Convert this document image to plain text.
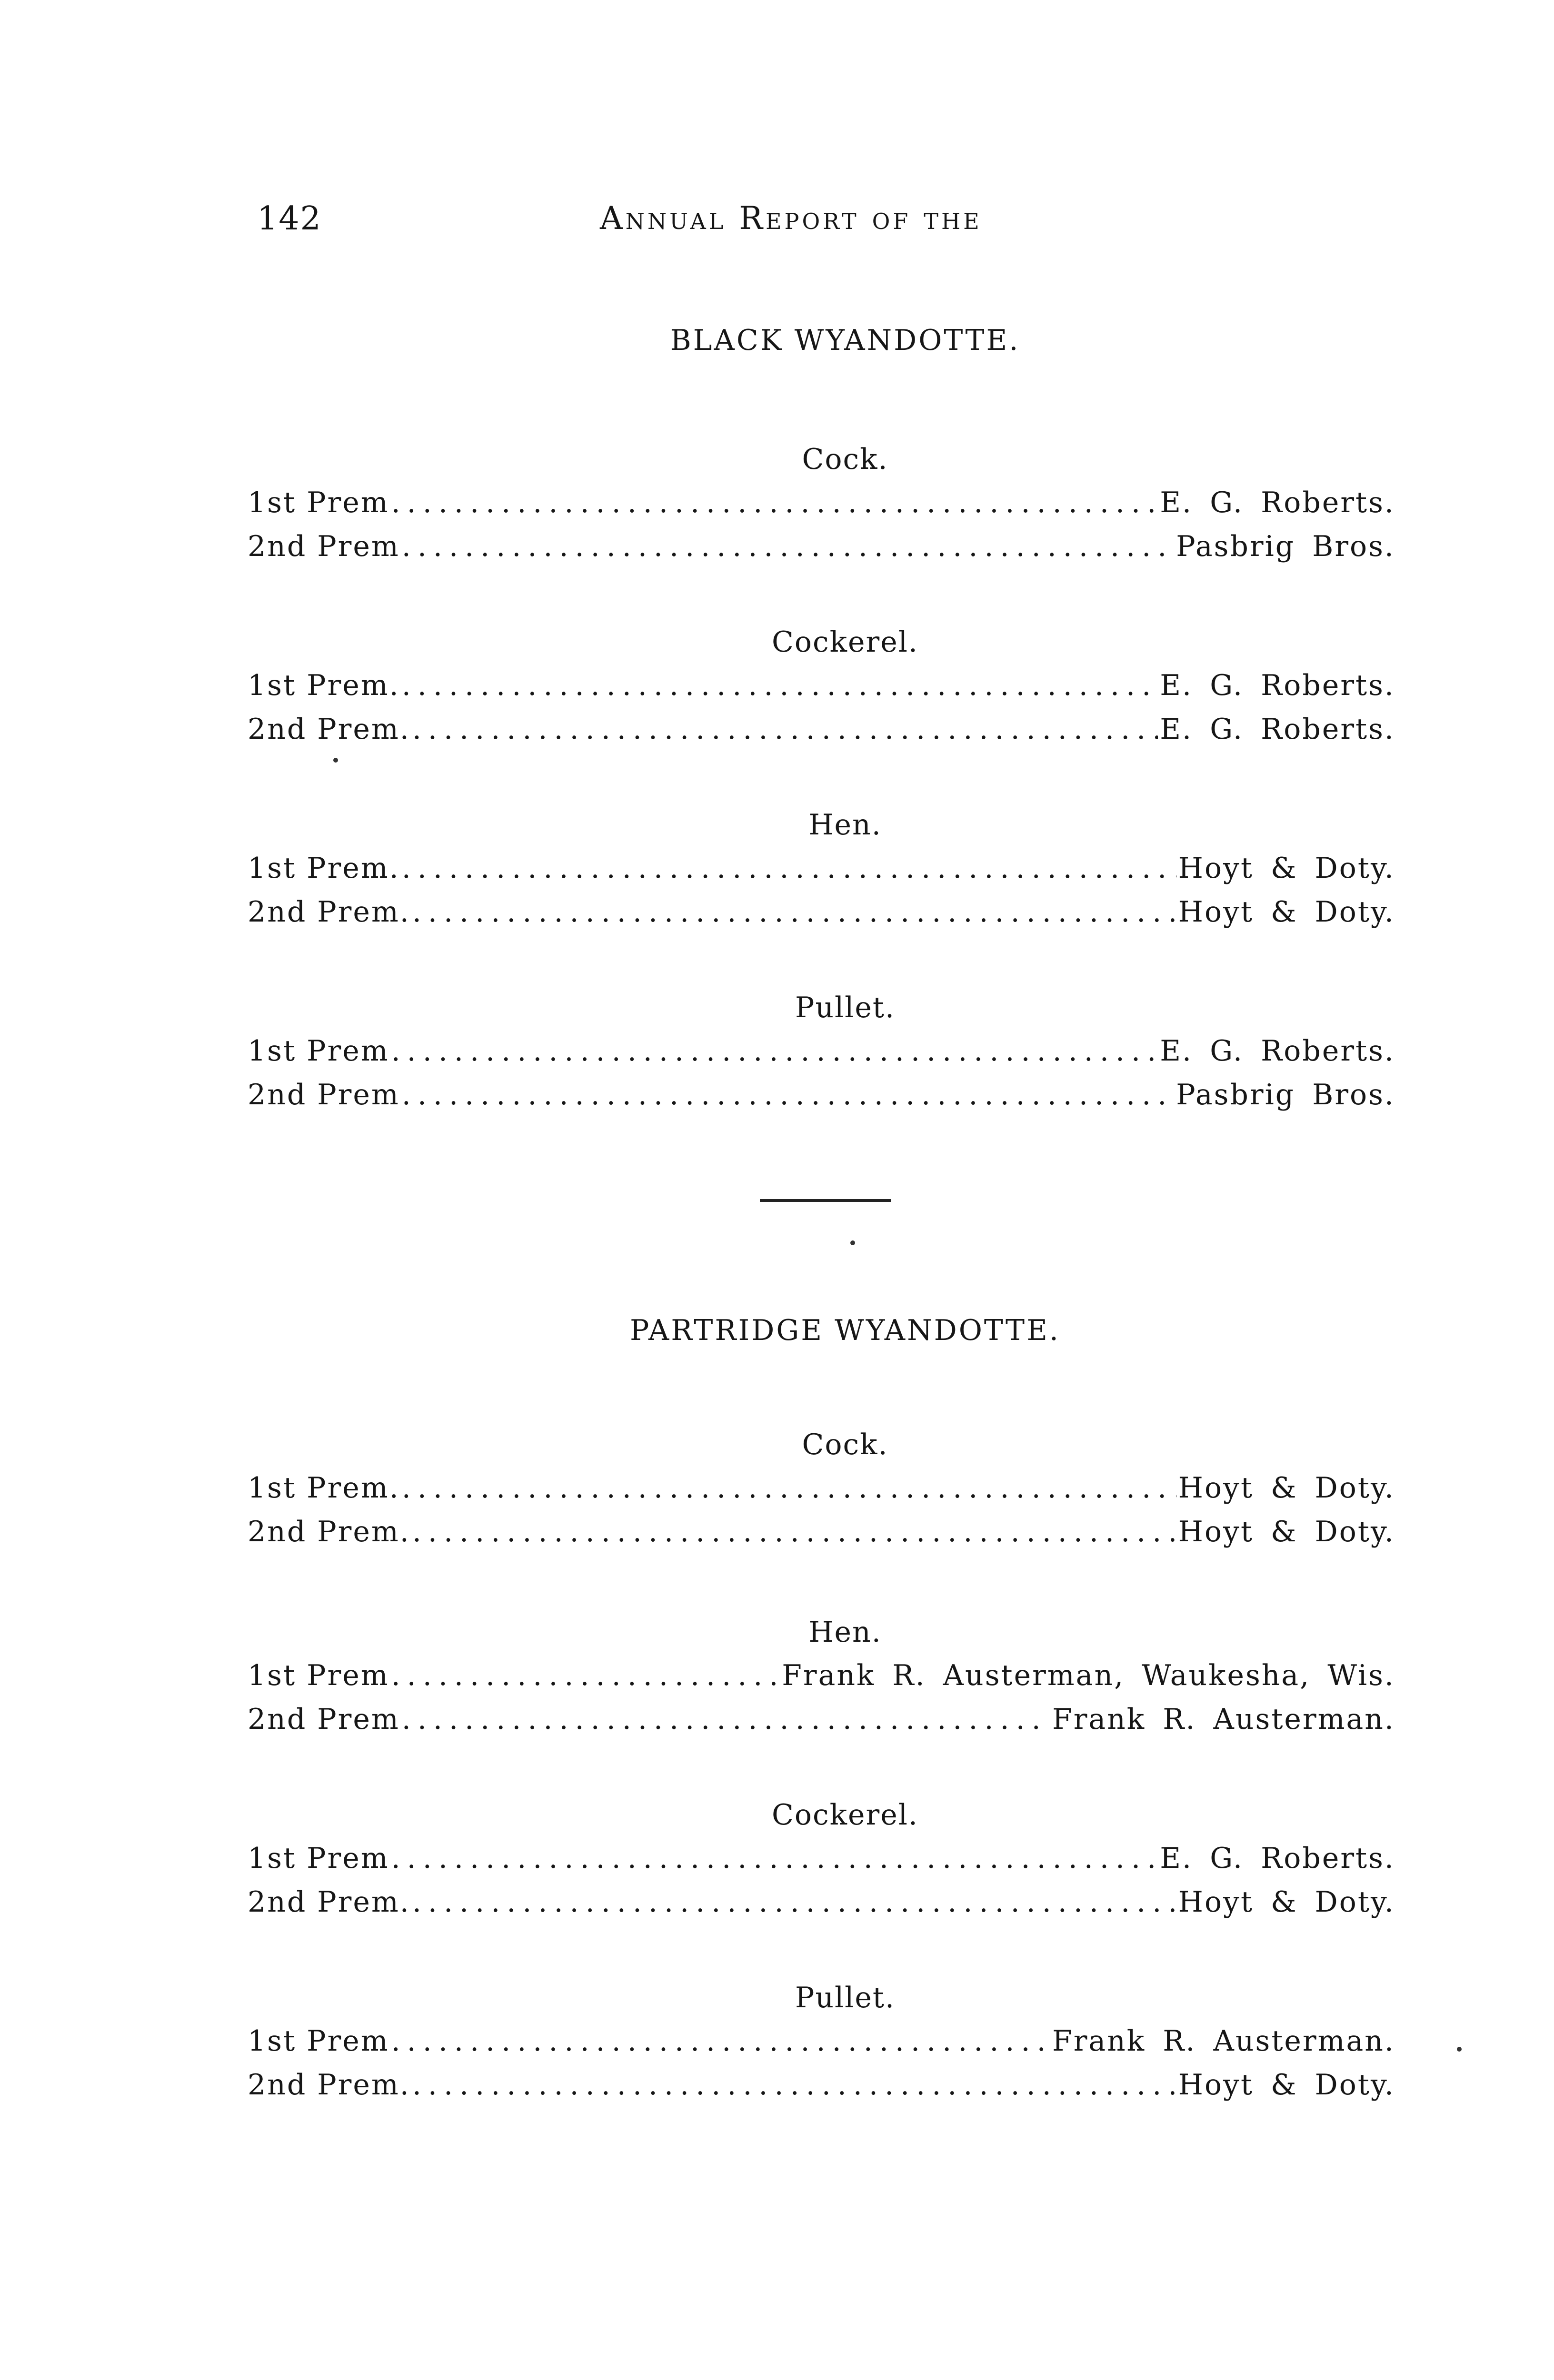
142	Annual Report of the
BLACK WYANDOTTE.
Cock.
1st Prem .....	E. G. Roberts.
2nd Prem .....	Pasbrig Bros.
Cockerel.
1st Prem. .....	E. G. Roberts.
2nd Prem. .....	E. G. Roberts.
Hen.
1st Prem. .....	Hoyt & Doty.
2nd Prem. .....	Hoyt & Doty.
Pullet.
1st Prem .....	E. G. Roberts.
2nd Prem .....	Pasbrig Bros.
PARTRIDGE WYANDOTTE.
Cock.
1st Prem. .....	Hoyt & Doty.
2nd Prem. .....	Hoyt & Doty.
Hen.
1st Prem .....	Frank R. Austerman, Waukesha, Wis.
2nd Prem .....	Frank R. Austerman.
Cockerel.
1st Prem .....	E. G. Roberts.
2nd Prem. .....	Hoyt & Doty.
Pullet.
1st Prem .....	Frank R. Austerman.
2nd Prem. .....	Hoyt & Doty.
